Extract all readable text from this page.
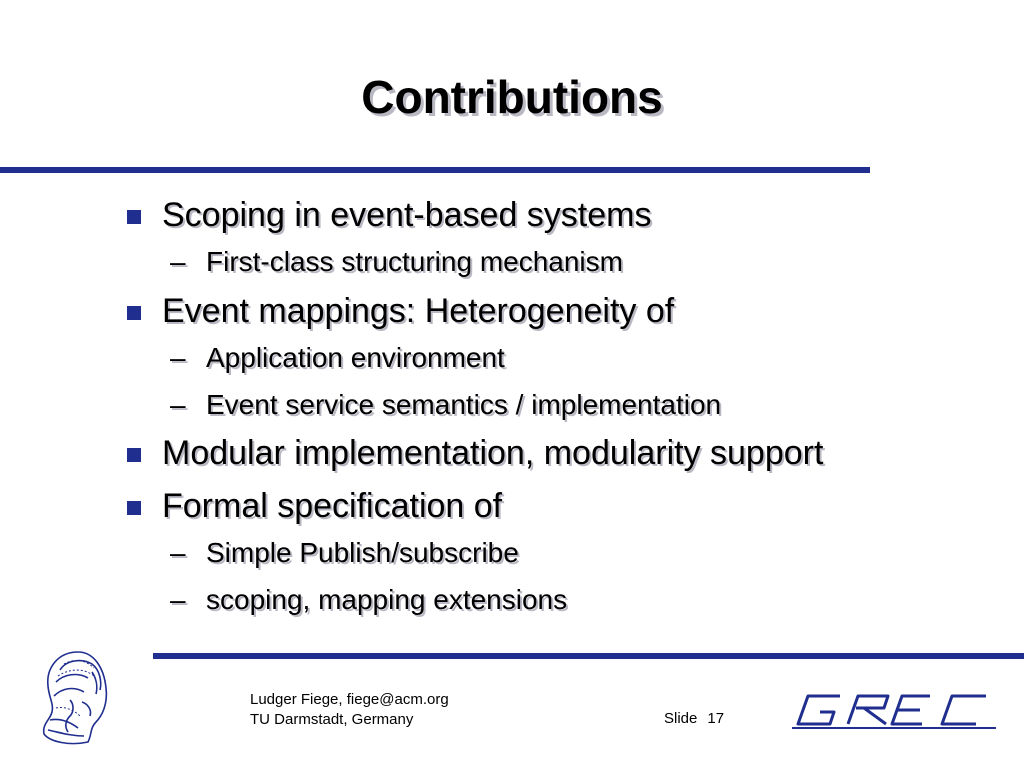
Contributions
Scoping in event-based systems
– First-class structuring mechanism
Event mappings: Heterogeneity of
– Application environment
– Event service semantics / implementation
Modular implementation, modularity support
Formal specification of
– Simple Publish/subscribe
– scoping, mapping extensions
Ludger Fiege, fiege@acm.org
TU Darmstadt, Germany	Slide 17
